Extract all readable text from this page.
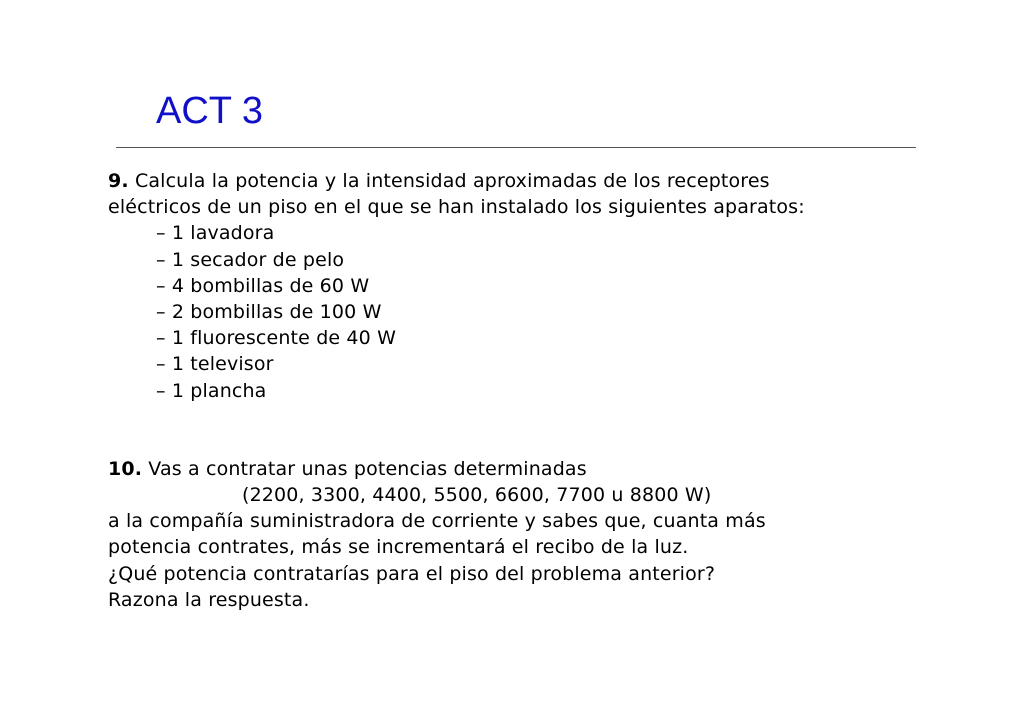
ACT 3

9. Calcula la potencia y la intensidad aproximadas de los receptores

eléctricos de un piso en el que se han instalado los siguientes aparatos:

– 1 lavadora
– 1 secador de pelo
– 4 bombillas de 60 W
– 2 bombillas de 100 W
– 1 fluorescente de 40 W
– 1 televisor
– 1 plancha

10. Vas a contratar unas potencias determinadas

(2200, 3300, 4400, 5500, 6600, 7700 u 8800 W)

a la compañía suministradora de corriente y sabes que, cuanta más

potencia contrates, más se incrementará el recibo de la luz.

¿Qué potencia contratarías para el piso del problema anterior?

Razona la respuesta.
